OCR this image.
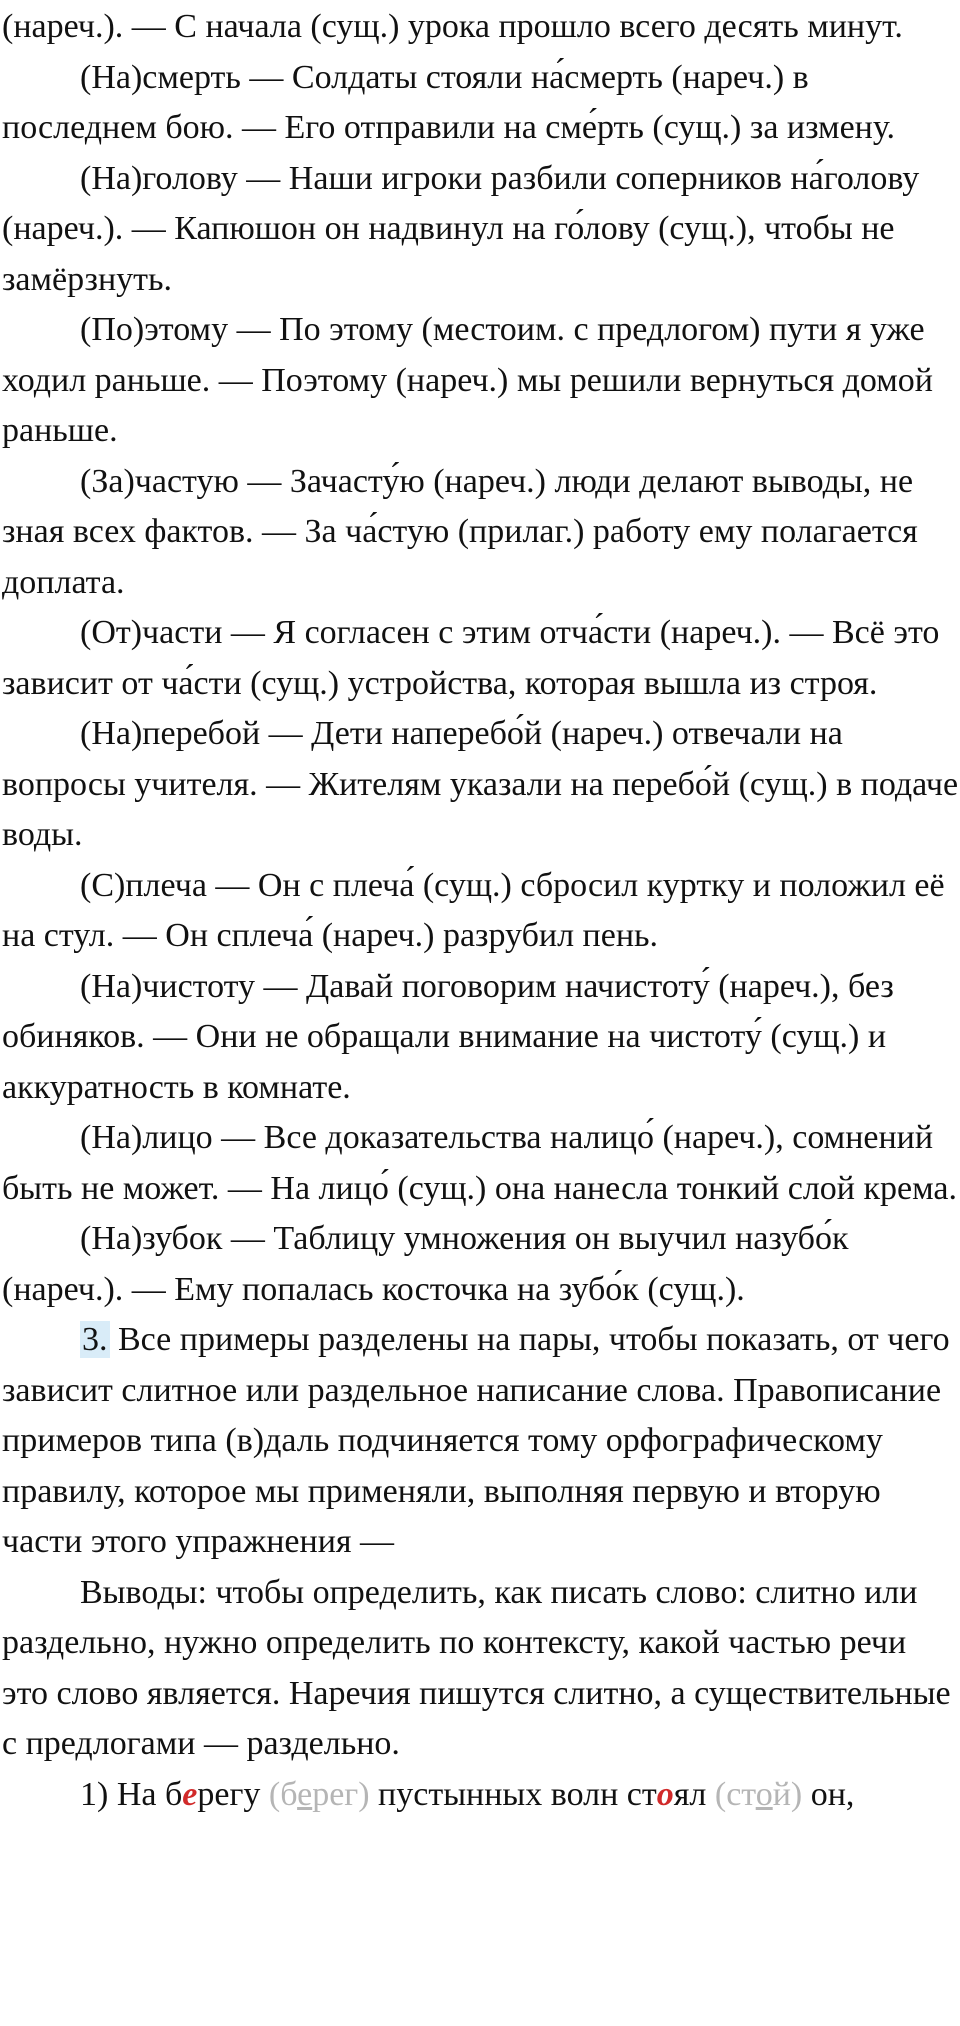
(нареч.). — С начала (сущ.) урока прошло всего десять минут.

(На)смерть — Солдаты стояли на́смерть (нареч.) в последнем бою. — Его отправили на сме́рть (сущ.) за измену.

(На)голову — Наши игроки разбили соперников на́голову (нареч.). — Капюшон он надвинул на го́лову (сущ.), чтобы не замёрзнуть.

(По)этому — По этому (местоим. с предлогом) пути я уже ходил раньше. — Поэтому (нареч.) мы решили вернуться домой раньше.

(За)частую — Зачасту́ю (нареч.) люди делают выводы, не зная всех фактов. — За ча́стую (прилаг.) работу ему полагается доплата.

(От)части — Я согласен с этим отча́сти (нареч.). — Всё это зависит от ча́сти (сущ.) устройства, которая вышла из строя.

(На)перебой — Дети наперебо́й (нареч.) отвечали на вопросы учителя. — Жителям указали на перебо́й (сущ.) в подаче воды.

(С)плеча — Он с плеча́ (сущ.) сбросил куртку и положил её на стул. — Он сплеча́ (нареч.) разрубил пень.

(На)чистоту — Давай поговорим начистоту́ (нареч.), без обиняков. — Они не обращали внимание на чистоту́ (сущ.) и аккуратность в комнате.

(На)лицо — Все доказательства налицо́ (нареч.), сомнений быть не может. — На лицо́ (сущ.) она нанесла тонкий слой крема.

(На)зубок — Таблицу умножения он выучил назубо́к (нареч.). — Ему попалась косточка на зубо́к (сущ.).

3. Все примеры разделены на пары, чтобы показать, от чего зависит слитное или раздельное написание слова. Правописание примеров типа (в)даль подчиняется тому орфографическому правилу, которое мы применяли, выполняя первую и вторую части этого упражнения —

Выводы: чтобы определить, как писать слово: слитно или раздельно, нужно определить по контексту, какой частью речи это слово является. Наречия пишутся слитно, а существительные с предлогами — раздельно.

1) На берегу (берег) пустынных волн стоял (стой) он,
